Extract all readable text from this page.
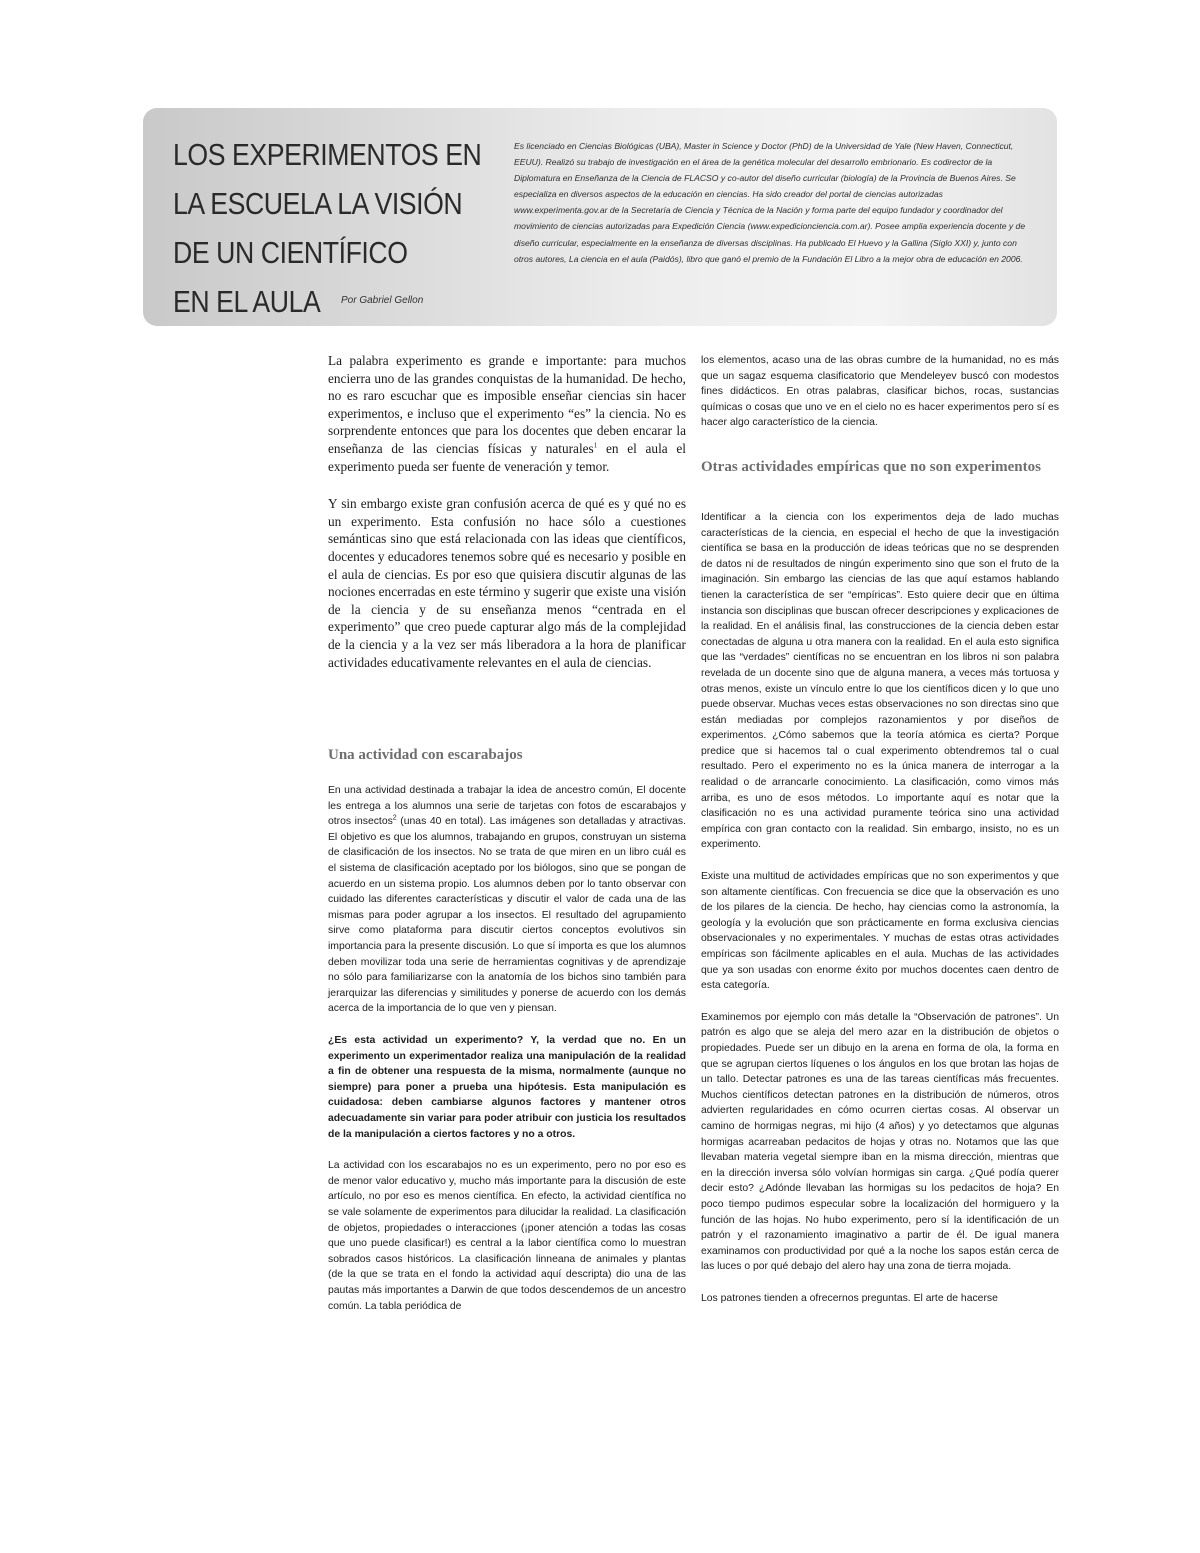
LOS EXPERIMENTOS EN
LA ESCUELA LA VISIÓN
DE UN CIENTÍFICO
EN EL AULA	Por Gabriel Gellon
Es licenciado en Ciencias Biológicas (UBA), Master in Science y Doctor (PhD) de la Universidad de Yale (New Haven, Connecticut, EEUU). Realizó su trabajo de investigación en el área de la genética molecular del desarrollo embrionario. Es codirector de la Diplomatura en Enseñanza de la Ciencia de FLACSO y co-autor del diseño curricular (biología) de la Provincia de Buenos Aires. Se especializa en diversos aspectos de la educación en ciencias. Ha sido creador del portal de ciencias autorizadas www.experimenta.gov.ar de la Secretaría de Ciencia y Técnica de la Nación y forma parte del equipo fundador y coordinador del movimiento de ciencias autorizadas para Expedición Ciencia (www.expedicionciencia.com.ar). Posee amplia experiencia docente y de diseño curricular, especialmente en la enseñanza de diversas disciplinas. Ha publicado El Huevo y la Gallina (Siglo XXI) y, junto con otros autores, La ciencia en el aula (Paidós), libro que ganó el premio de la Fundación El Libro a la mejor obra de educación en 2006.

La palabra experimento es grande e importante: para muchos encierra uno de las grandes conquistas de la humanidad. De hecho, no es raro escuchar que es imposible enseñar ciencias sin hacer experimentos, e incluso que el experimento “es” la ciencia. No es sorprendente entonces que para los docentes que deben encarar la enseñanza de las ciencias físicas y naturales$^1$ en el aula el experimento pueda ser fuente de veneración y temor.

Y sin embargo existe gran confusión acerca de qué es y qué no es un experimento. Esta confusión no hace sólo a cuestiones semánticas sino que está relacionada con las ideas que científicos, docentes y educadores tenemos sobre qué es necesario y posible en el aula de ciencias. Es por eso que quisiera discutir algunas de las nociones encerradas en este término y sugerir que existe una visión de la ciencia y de su enseñanza menos “centrada en el experimento” que creo puede capturar algo más de la complejidad de la ciencia y a la vez ser más liberadora a la hora de planificar actividades educativamente relevantes en el aula de ciencias.

Una actividad con escarabajos

En una actividad destinada a trabajar la idea de ancestro común, El docente les entrega a los alumnos una serie de tarjetas con fotos de escarabajos y otros insectos$^2$ (unas 40 en total). Las imágenes son detalladas y atractivas. El objetivo es que los alumnos, trabajando en grupos, construyan un sistema de clasificación de los insectos. No se trata de que miren en un libro cuál es el sistema de clasificación aceptado por los biólogos, sino que se pongan de acuerdo en un sistema propio. Los alumnos deben por lo tanto observar con cuidado las diferentes características y discutir el valor de cada una de las mismas para poder agrupar a los insectos. El resultado del agrupamiento sirve como plataforma para discutir ciertos conceptos evolutivos sin importancia para la presente discusión. Lo que sí importa es que los alumnos deben movilizar toda una serie de herramientas cognitivas y de aprendizaje no sólo para familiarizarse con la anatomía de los bichos sino también para jerarquizar las diferencias y similitudes y ponerse de acuerdo con los demás acerca de la importancia de lo que ven y piensan.

¿Es esta actividad un experimento? Y, la verdad que no. En un experimento un experimentador realiza una manipulación de la realidad a fin de obtener una respuesta de la misma, normalmente (aunque no siempre) para poner a prueba una hipótesis. Esta manipulación es cuidadosa: deben cambiarse algunos factores y mantener otros adecuadamente sin variar para poder atribuir con justicia los resultados de la manipulación a ciertos factores y no a otros.

La actividad con los escarabajos no es un experimento, pero no por eso es de menor valor educativo y, mucho más importante para la discusión de este artículo, no por eso es menos científica. En efecto, la actividad científica no se vale solamente de experimentos para dilucidar la realidad. La clasificación de objetos, propiedades o interacciones (¡poner atención a todas las cosas que uno puede clasificar!) es central a la labor científica como lo muestran sobrados casos históricos. La clasificación linneana de animales y plantas (de la que se trata en el fondo la actividad aquí descripta) dio una de las pautas más importantes a Darwin de que todos descendemos de un ancestro común. La tabla periódica de

los elementos, acaso una de las obras cumbre de la humanidad, no es más que un sagaz esquema clasificatorio que Mendeleyev buscó con modestos fines didácticos. En otras palabras, clasificar bichos, rocas, sustancias químicas o cosas que uno ve en el cielo no es hacer experimentos pero sí es hacer algo característico de la ciencia.

Otras actividades empíricas que no son experimentos

Identificar a la ciencia con los experimentos deja de lado muchas características de la ciencia, en especial el hecho de que la investigación científica se basa en la producción de ideas teóricas que no se desprenden de datos ni de resultados de ningún experimento sino que son el fruto de la imaginación. Sin embargo las ciencias de las que aquí estamos hablando tienen la característica de ser “empíricas”. Esto quiere decir que en última instancia son disciplinas que buscan ofrecer descripciones y explicaciones de la realidad. En el análisis final, las construcciones de la ciencia deben estar conectadas de alguna u otra manera con la realidad. En el aula esto significa que las “verdades” científicas no se encuentran en los libros ni son palabra revelada de un docente sino que de alguna manera, a veces más tortuosa y otras menos, existe un vínculo entre lo que los científicos dicen y lo que uno puede observar. Muchas veces estas observaciones no son directas sino que están mediadas por complejos razonamientos y por diseños de experimentos. ¿Cómo sabemos que la teoría atómica es cierta? Porque predice que si hacemos tal o cual experimento obtendremos tal o cual resultado. Pero el experimento no es la única manera de interrogar a la realidad o de arrancarle conocimiento. La clasificación, como vimos más arriba, es uno de esos métodos. Lo importante aquí es notar que la clasificación no es una actividad puramente teórica sino una actividad empírica con gran contacto con la realidad. Sin embargo, insisto, no es un experimento.

Existe una multitud de actividades empíricas que no son experimentos y que son altamente científicas. Con frecuencia se dice que la observación es uno de los pilares de la ciencia. De hecho, hay ciencias como la astronomía, la geología y la evolución que son prácticamente en forma exclusiva ciencias observacionales y no experimentales. Y muchas de estas otras actividades empíricas son fácilmente aplicables en el aula. Muchas de las actividades que ya son usadas con enorme éxito por muchos docentes caen dentro de esta categoría.

Examinemos por ejemplo con más detalle la “Observación de patrones”. Un patrón es algo que se aleja del mero azar en la distribución de objetos o propiedades. Puede ser un dibujo en la arena en forma de ola, la forma en que se agrupan ciertos líquenes o los ángulos en los que brotan las hojas de un tallo. Detectar patrones es una de las tareas científicas más frecuentes. Muchos científicos detectan patrones en la distribución de números, otros advierten regularidades en cómo ocurren ciertas cosas. Al observar un camino de hormigas negras, mi hijo (4 años) y yo detectamos que algunas hormigas acarreaban pedacitos de hojas y otras no. Notamos que las que llevaban materia vegetal siempre iban en la misma dirección, mientras que en la dirección inversa sólo volvían hormigas sin carga. ¿Qué podía querer decir esto? ¿Adónde llevaban las hormigas su los pedacitos de hoja? En poco tiempo pudimos especular sobre la localización del hormiguero y la función de las hojas. No hubo experimento, pero sí la identificación de un patrón y el razonamiento imaginativo a partir de él. De igual manera examinamos con productividad por qué a la noche los sapos están cerca de las luces o por qué debajo del alero hay una zona de tierra mojada.

Los patrones tienden a ofrecernos preguntas. El arte de hacerse
